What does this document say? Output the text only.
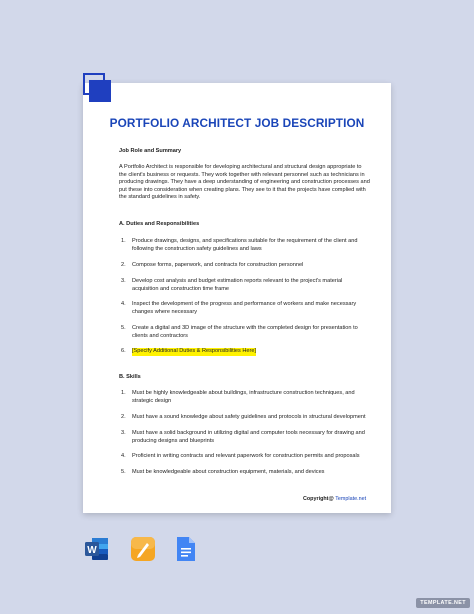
PORTFOLIO ARCHITECT JOB DESCRIPTION
Job Role and Summary
A Portfolio Architect is responsible for developing architectural and structural design appropriate to
the client's business or requests. They work together with relevant personnel such as technicians in
producing drawings. They have a deep understanding of engineering and construction processes and
put these into consideration when creating plans. They see to it that the projects have complied with
the standard guidelines in safety.
A. Duties and Responsibilities
1. Produce drawings, designs, and specifications suitable for the requirement of the client and
following the construction safety guidelines and laws
2. Compose forms, paperwork, and contracts for construction personnel
3. Develop cost analysis and budget estimation reports relevant to the project's material
acquisition and construction time frame
4. Inspect the development of the progress and performance of workers and make necessary
changes where necessary
5. Create a digital and 3D image of the structure with the completed design for presentation to
clients and contractors
6. [Specify Additional Duties & Responsibilities Here]
B. Skills
1. Must be highly knowledgeable about buildings, infrastructure construction techniques, and
strategic design
2. Must have a sound knowledge about safety guidelines and protocols in structural development
3. Must have a solid background in utilizing digital and computer tools necessary for drawing and
producing designs and blueprints
4. Proficient in writing contracts and relevant paperwork for construction permits and proposals
5. Must be knowledgeable about construction equipment, materials, and devices
Copyright@ Template.net
W
TEMPLATE.NET
